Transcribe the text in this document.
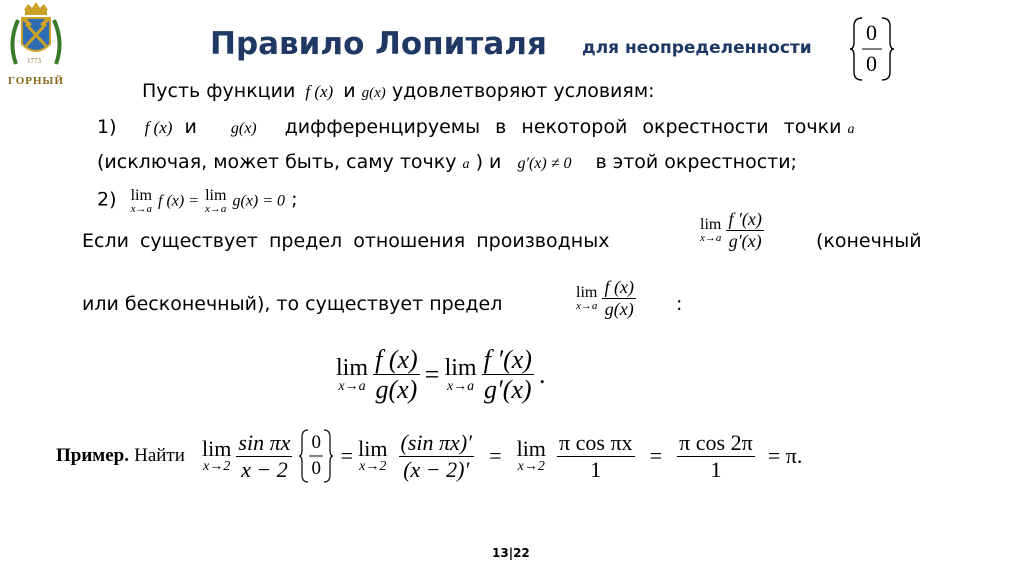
1773
ГОРНЫЙ
Правило Лопиталя для неопределенности
0
0
Пусть функции f (x) и g(x) удовлетворяют условиям:
1) f (x) и g(x) дифференцируемы в некоторой окрестности точки a
(исключая, может быть, саму точку a ) и g′(x) ≠ 0 в этой окрестности;
2) lim
x→a f (x) = lim
x→a g(x) = 0 ;
Если существует предел отношения производных
lim
x→a
$\frac{f '(x)}{g'(x)}$	(конечный
или бесконечный), то существует предел
lim
x→a
$\frac{f (x)}{g(x)}$ :
lim
x→a
$\frac{f (x)}{g(x)} = \lim$
x→a
$\frac{f '(x)}{g'(x)}$ .
Пример. Найти lim
x→2
$\frac{\text{sin πx}}{x - 2}$
0
0
= lim
x→2
$\frac{\text{(sin πx)′}}{(x - 2)'} = \lim$
x→2
$\frac{\text{π cos πx}}{1} = \frac{\text{π cos 2π}}{1} = \pi$.
13|22
